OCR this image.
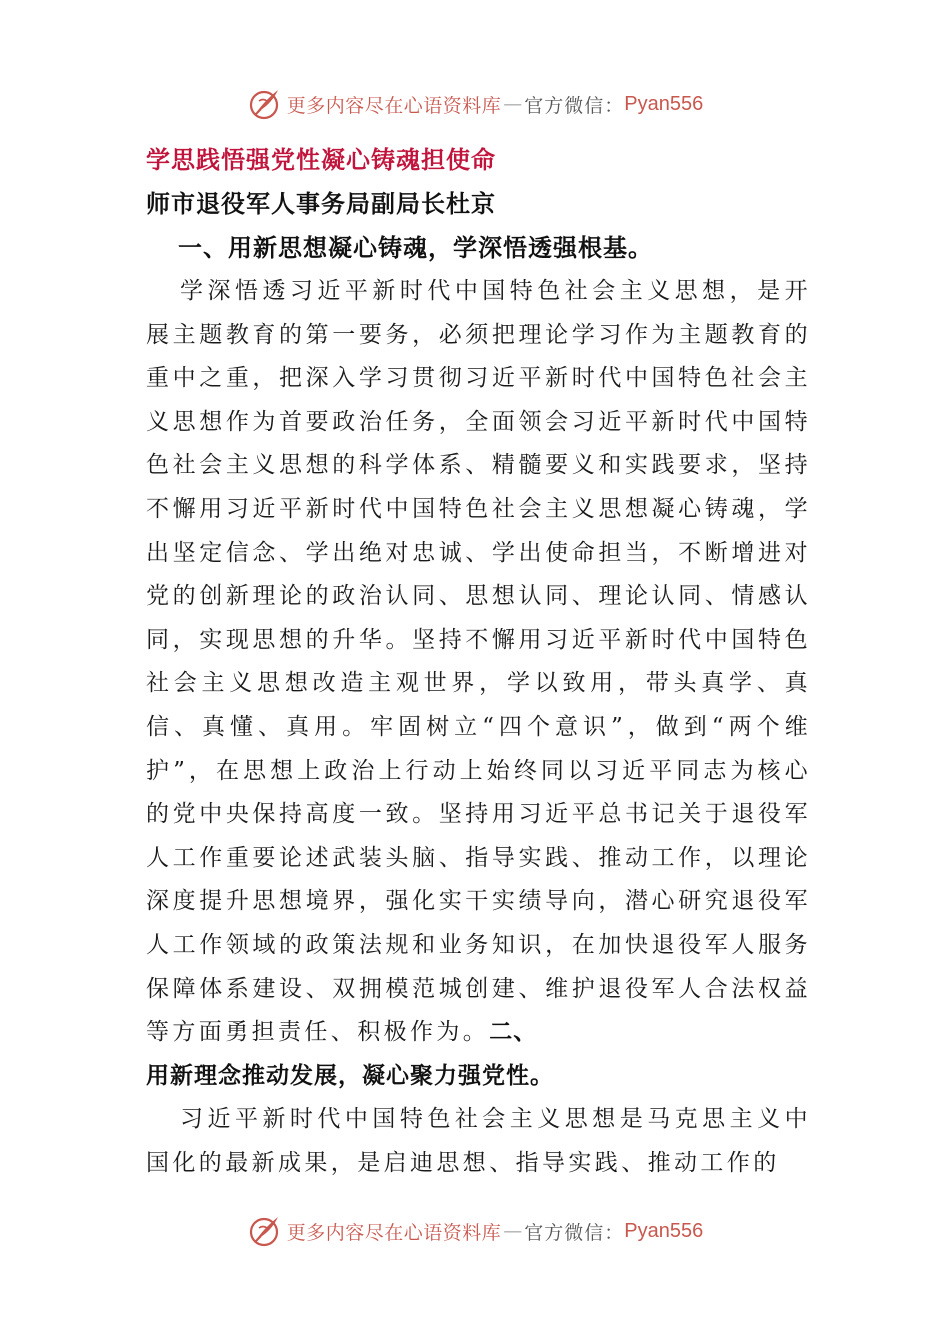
更多内容尽在心语资料库 — 官方微信： Pyan556

学思践悟强党性凝心铸魂担使命

师市退役军人事务局副局长杜京

一、用新思想凝心铸魂，学深悟透强根基。

学深悟透习近平新时代中国特色社会主义思想，是开展主题教育的第一要务，必须把理论学习作为主题教育的重中之重，把深入学习贯彻习近平新时代中国特色社会主义思想作为首要政治任务，全面领会习近平新时代中国特色社会主义思想的科学体系、精髓要义和实践要求，坚持不懈用习近平新时代中国特色社会主义思想凝心铸魂，学出坚定信念、学出绝对忠诚、学出使命担当，不断增进对党的创新理论的政治认同、思想认同、理论认同、情感认同，实现思想的升华。坚持不懈用习近平新时代中国特色社会主义思想改造主观世界，学以致用，带头真学、真信、真懂、真用。牢固树立“四个意识”，做到“两个维护”，在思想上政治上行动上始终同以习近平同志为核心的党中央保持高度一致。坚持用习近平总书记关于退役军人工作重要论述武装头脑、指导实践、推动工作，以理论深度提升思想境界，强化实干实绩导向，潜心研究退役军人工作领域的政策法规和业务知识，在加快退役军人服务保障体系建设、双拥模范城创建、维护退役军人合法权益等方面勇担责任、积极作为。二、

用新理念推动发展，凝心聚力强党性。

习近平新时代中国特色社会主义思想是马克思主义中国化的最新成果，是启迪思想、指导实践、推动工作的

更多内容尽在心语资料库 — 官方微信： Pyan556
